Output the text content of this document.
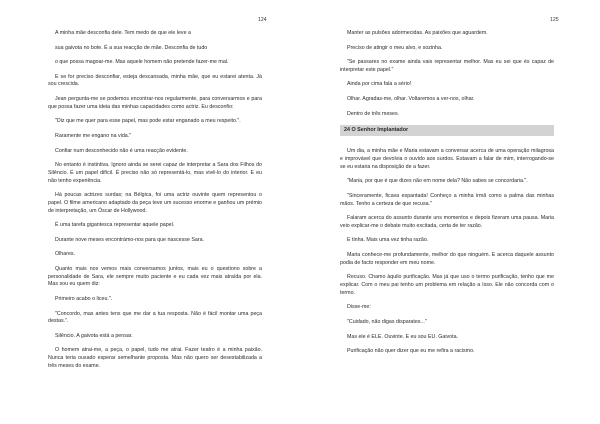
124

A minha mãe desconfia dele. Tem medo de que ele leve a

sua gaivota no bote. É a sua reacção de mãe. Desconfia de tudo

o que possa magoar-me. Mas aquele homem não pretende fazer-me mal.

E se for preciso desconfiar, esteja descansada, minha mãe, que eu estarei atenta. Já sou crescida.

Jean pergunta-me se podemos encontrar-nos regularmente, para conversarmos e para que possa fazer uma ideia das minhas capacidades como actriz. Eu desconfio:

"Diz que me quer para esse papel, mas pode estar enganado a meu respeito.".

Raramente me engano na vida."

Confiar num desconhecido não é uma reacção evidente.

No entanto é instintiva. Ignoro ainda se serei capaz de interpretar a Sara dos Filhos do Silêncio. É um papel difícil. É preciso não só representá-lo, mas vivê-lo do interior. E eu não tenho experiência.

Há poucas actrizes surdas; na Bélgica, foi uma actriz ouvinte quem representou o papel. O filme americano adaptado da peça teve um sucesso enorme e ganhou um prémio de interpretação, um Óscar de Hollywood.

É uma tarefa gigantesca representar aquele papel.

Durante nove meses encontrámo-nos para que nascesse Sara.

Olhares.

Quanto mais nos vemos mais conversamos juntos, mais eu o questiono sobre a personalidade de Sara, ele sempre muito paciente e eu cada vez mais atraída por ela. Mas sou eu quem diz:

Primeiro acabo o liceu.".

"Concordo, mas antes tens que me dar a tua resposta. Não é fácil montar uma peça destas.".

Silêncio. A gaivota está a pensar.

O homem atrai-me, a peça, o papel, tudo me atrai. Fazer teatro é a minha paixão. Nunca teria ousado esperar semelhante proposta. Mas não quero ser desestabilizada a três meses do exame.

125

Manter as pulsões adormecidas. As paixões que aguardem.

Preciso de atingir o meu alvo, e sozinha.

"Se passares no exame ainda vais representar melhor. Mas eu sei que és capaz de interpretar este papel."

Ainda por cima fala a sério!

Olhar. Agradas-me, olhar. Voltaremos a ver-nos, olhar.

Dentro de três meses.

24 O Senhor Implantador

Um dia, a minha mãe e Maria estavam a conversar acerca de uma operação milagrosa e improvável que devolvia o ouvido aos surdos. Estavam a falar de mim, interrogando-se se eu estaria na disposição de a fazer.

"Maria, por que é que dizes não em nome dela? Não sabes se concordaria.".

"Sinceramente, ficava espantada! Conheço a minha irmã como a palma das minhas mãos. Tenho a certeza de que recusa."

Falaram acerca do assunto durante uns momentos e depois fizeram uma pausa. Maria veio explicar-me o debate muito excitada, certa de ter razão.

E tinha. Mais uma vez tinha razão.

Maria conhece-me profundamente, melhor do que ninguém. E acerca daquele assunto podia de facto responder em meu nome.

Recuso. Chamo àquilo purificação. Mas já que uso o termo purificação, tenho que me explicar. Com o meu pai tenho um problema em relação a Isso. Ele não concorda com o termo.

Disse-me:

"Cuidado, não digas disparates..."

Mas ele é ELE. Ouvinte. E eu sou EU. Gaivota.

Purificação não quer dizer que eu me refira a racismo.
